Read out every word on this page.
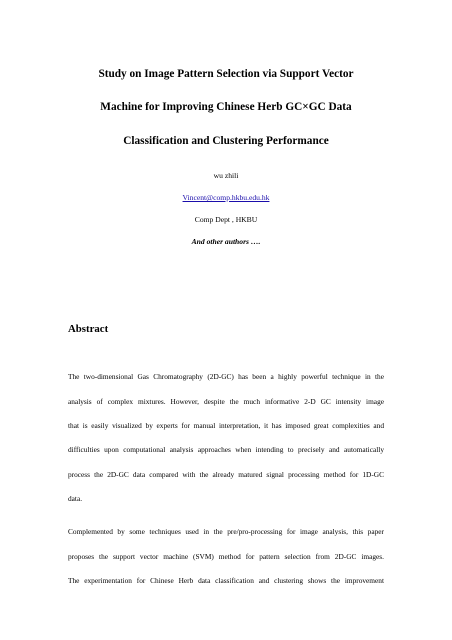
Study on Image Pattern Selection via Support Vector
Machine for Improving Chinese Herb GC×GC Data
Classification and Clustering Performance
wu zhili
Vincent@comp.hkbu.edu.hk
Comp Dept , HKBU
And other authors ….
Abstract
The two-dimensional Gas Chromatography (2D-GC) has been a highly powerful technique in the
analysis of complex mixtures. However, despite the much informative 2-D GC intensity image
that is easily visualized by experts for manual interpretation, it has imposed great complexities and
difficulties upon computational analysis approaches when intending to precisely and automatically
process the 2D-GC data compared with the already matured signal processing method for 1D-GC
data.
Complemented by some techniques used in the pre/pro-processing for image analysis, this paper
proposes the support vector machine (SVM) method for pattern selection from 2D-GC images.
The experimentation for Chinese Herb data classification and clustering shows the improvement
